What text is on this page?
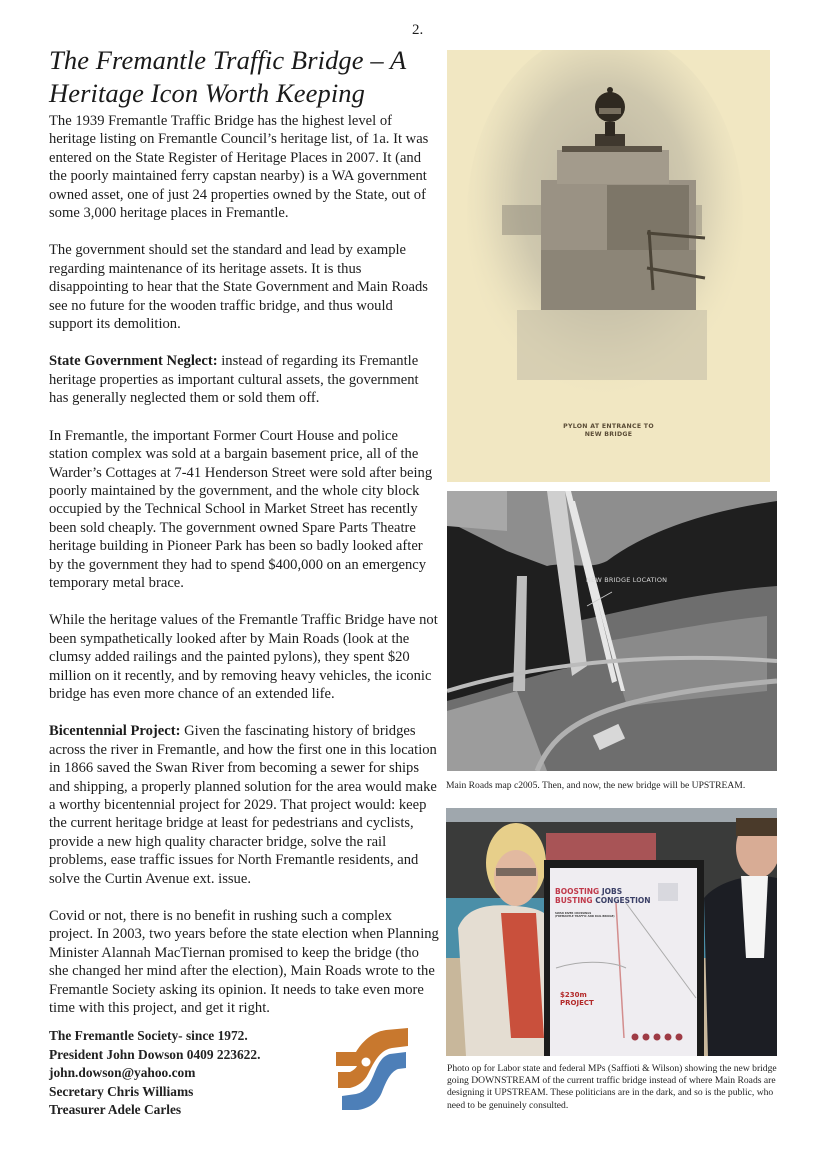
2.
The Fremantle Traffic Bridge – A
Heritage Icon Worth Keeping

The 1939 Fremantle Traffic Bridge has the highest level of heritage listing on Fremantle Council’s heritage list, of 1a. It was entered on the State Register of Heritage Places in 2007. It (and the poorly maintained ferry capstan nearby) is a WA government owned asset, one of just 24 properties owned by the State, out of some 3,000 heritage places in Fremantle.

The government should set the standard and lead by example regarding maintenance of its heritage assets. It is thus disappointing to hear that the State Government and Main Roads see no future for the wooden traffic bridge, and thus would support its demolition.

State Government Neglect: instead of regarding its Fremantle heritage properties as important cultural assets, the government has generally neglected them or sold them off.

In Fremantle, the important Former Court House and police station complex was sold at a bargain basement price, all of the Warder’s Cottages at 7-41 Henderson Street were sold after being poorly maintained by the government, and the whole city block occupied by the Technical School in Market Street has recently been sold cheaply. The government owned Spare Parts Theatre heritage building in Pioneer Park has been so badly looked after by the government they had to spend $400,000 on an emergency temporary metal brace.

While the heritage values of the Fremantle Traffic Bridge have not been sympathetically looked after by Main Roads (look at the clumsy added railings and the painted pylons), they spent $20 million on it recently, and by removing heavy vehicles, the iconic bridge has even more chance of an extended life.

Bicentennial Project: Given the fascinating history of bridges across the river in Fremantle, and how the first one in this location in 1866 saved the Swan River from becoming a sewer for ships and shipping, a properly planned solution for the area would make a worthy bicentennial project for 2029. That project would: keep the current heritage bridge at least for pedestrians and cyclists, provide a new high quality character bridge, solve the rail problems, ease traffic issues for North Fremantle residents, and solve the Curtin Avenue ext. issue.

Covid or not, there is no benefit in rushing such a complex project. In 2003, two years before the state election when Planning Minister Alannah MacTiernan promised to keep the bridge (tho she changed her mind after the election), Main Roads wrote to the Fremantle Society asking its opinion. It needs to take even more time with this project, and get it right.

The Fremantle Society- since 1972.
President John Dowson 0409 223622.
john.dowson@yahoo.com
Secretary Chris Williams
Treasurer Adele Carles
PYLON AT ENTRANCE TO
NEW BRIDGE
NEW BRIDGE LOCATION
Main Roads map c2005. Then, and now, the new bridge will be UPSTREAM.
BOOSTING JOBS
BUSTING CONGESTION
SWAN RIVER CROSSINGS
(FREMANTLE TRAFFIC AND RAIL BRIDGE)
$230m
PROJECT
Photo op for Labor state and federal MPs (Saffioti & Wilson) showing the new bridge going DOWNSTREAM of the current traffic bridge instead of where Main Roads are designing it UPSTREAM. These politicians are in the dark, and so is the public, who need to be genuinely consulted.
